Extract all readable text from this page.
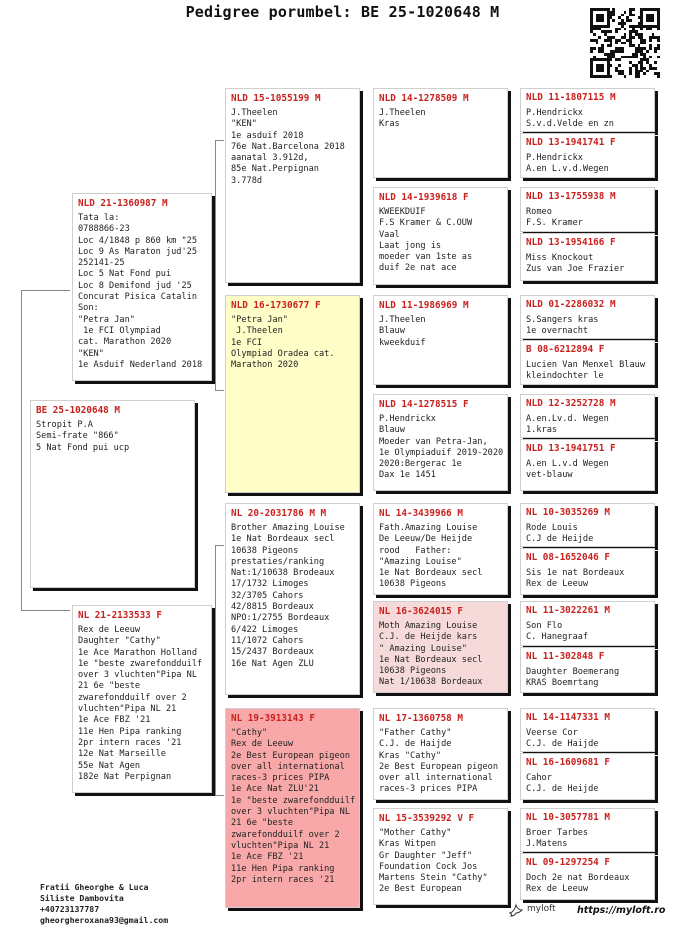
Pedigree porumbel: BE 25-1020648 M
BE 25-1020648 M
Stropit P.A
Semi-frate "866"
5 Nat Fond pui ucp
NLD 21-1360987 M
Tata la:
0788866-23
Loc 4/1848 p 860 km "25
Loc 9 As Maraton jud'25
252141-25
Loc 5 Nat Fond pui
Loc 8 Demifond jud '25
Concurat Pisica Catalin
Son:
"Petra Jan"
1e FCI Olympiad
cat. Marathon 2020
"KEN"
1e Asduif Nederland 2018
NL 21-2133533 F
Rex de Leeuw
Daughter "Cathy"
1e Ace Marathon Holland
1e "beste zwarefondduilf
over 3 vluchten"Pipa NL
21 6e "beste
zwarefondduilf over 2
vluchten"Pipa NL 21
1e Ace FBZ '21
11e Hen Pipa ranking
2pr intern races '21
12e Nat Marseille
55e Nat Agen
182e Nat Perpignan
NLD 15-1055199 M
J.Theelen
"KEN"
1e asduif 2018
76e Nat.Barcelona 2018
aanatal 3.912d,
85e Nat.Perpignan
3.778d
NLD 16-1730677 F
"Petra Jan"
J.Theelen
1e FCI
Olympiad Oradea cat.
Marathon 2020
NL 20-2031786 M M
Brother Amazing Louise
1e Nat Bordeaux secl
10638 Pigeons
prestaties/ranking
Nat:1/10638 Brodeaux
17/1732 Limoges
32/3705 Cahors
42/8815 Bordeaux
NPO:1/2755 Bordeaux
6/422 Limoges
11/1072 Cahors
15/2437 Bordeaux
16e Nat Agen ZLU
NL 19-3913143 F
"Cathy"
Rex de Leeuw
2e Best European pigeon
over all international
races-3 prices PIPA
1e Ace Nat ZLU'21
1e "beste zwarefondduilf
over 3 vluchten"Pipa NL
21 6e "beste
zwarefondduilf over 2
vluchten"Pipa NL 21
1e Ace FBZ '21
11e Hen Pipa ranking
2pr intern races '21
NLD 14-1278509 M
J.Theelen
Kras
NLD 14-1939618 F
KWEEKDUIF
F.S Kramer & C.OUW
Vaal
Laat jong is
moeder van 1ste as
duif 2e nat ace
NLD 11-1986969 M
J.Theelen
Blauw
kweekduif
NLD 14-1278515 F
P.Hendrickx
Blauw
Moeder van Petra-Jan,
1e Olympiaduif 2019-2020
2020:Bergerac 1e
Dax 1e 1451
NL 14-3439966 M
Fath.Amazing Louise
De Leeuw/De Heijde
rood   Father:
"Amazing Louise"
1e Nat Bordeaux secl
10638 Pigeons
NL 16-3624015 F
Moth Amazing Louise
C.J. de Heijde kars
" Amazing Louise"
1e Nat Bordeaux secl
10638 Pigeons
Nat 1/10638 Bordeaux
NL 17-1360758 M
"Father Cathy"
C.J. de Haijde
Kras "Cathy"
2e Best European pigeon
over all international
races-3 prices PIPA
NL 15-3539292 V F
"Mother Cathy"
Kras Witpen
Gr Daughter "Jeff"
Foundation Cock Jos
Martens Stein "Cathy"
2e Best European
NLD 11-1807115 M
P.Hendrickx
S.v.d.Velde en zn
NLD 13-1941741 F
P.Hendrickx
A.en L.v.d.Wegen
NLD 13-1755938 M
Romeo
F.S. Kramer
NLD 13-1954166 F
Miss Knockout
Zus van Joe Frazier
NLD 01-2286032 M
S.Sangers kras
1e overnacht
B 08-6212894 F
Lucien Van Menxel Blauw
kleindochter le
NLD 12-3252728 M
A.en.Lv.d. Wegen
1.kras
NLD 13-1941751 F
A.en L.v.d Wegen
vet-blauw
NL 10-3035269 M
Rode Louis
C.J de Heijde
NL 08-1652046 F
Sis 1e nat Bordeaux
Rex de Leeuw
NL 11-3022261 M
Son Flo
C. Hanegraaf
NL 11-302848 F
Daughter Boemerang
KRAS Boemrtang
NL 14-1147331 M
Veerse Cor
C.J. de Haijde
NL 16-1609681 F
Cahor
C.J. de Heijde
NL 10-3057781 M
Broer Tarbes
J.Matens
NL 09-1297254 F
Doch 2e nat Bordeaux
Rex de Leeuw
Fratii Gheorghe & Luca
Siliste Dambovita
+40723137787
gheorgheroxana93@gmail.com
myloft https://myloft.ro
